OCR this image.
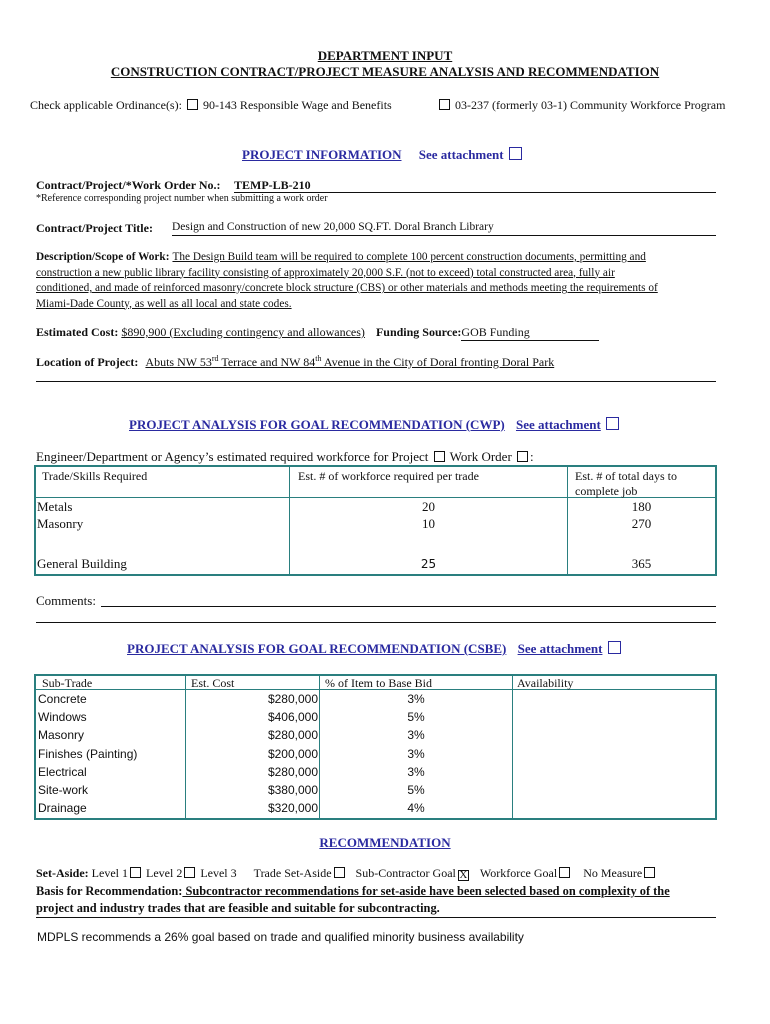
DEPARTMENT INPUT
CONSTRUCTION CONTRACT/PROJECT MEASURE ANALYSIS AND RECOMMENDATION
Check applicable Ordinance(s): 90-143 Responsible Wage and Benefits	03-237 (formerly 03-1) Community Workforce Program
PROJECT INFORMATION See attachment
Contract/Project/*Work Order No.: TEMP-LB-210
*Reference corresponding project number when submitting a work order
Contract/Project Title: Design and Construction of new 20,000 SQ.FT. Doral Branch Library
Description/Scope of Work: The Design Build team will be required to complete 100 percent construction documents, permitting and
construction a new public library facility consisting of approximately 20,000 S.F. (not to exceed) total constructed area, fully air
conditioned, and made of reinforced masonry/concrete block structure (CBS) or other materials and methods meeting the requirements of
Miami-Dade County, as well as all local and state codes.
Estimated Cost: $890,900 (Excluding contingency and allowances) Funding Source:GOB Funding
Location of Project: Abuts NW 53rd Terrace and NW 84th Avenue in the City of Doral fronting Doral Park
PROJECT ANALYSIS FOR GOAL RECOMMENDATION (CWP) See attachment
Engineer/Department or Agency’s estimated required workforce for Project Work Order :
Trade/Skills Required	Est. # of workforce required per trade	Est. # of total days to
complete job
Metals	20	180
Masonry	10	270
General Building	25	365
Comments:
PROJECT ANALYSIS FOR GOAL RECOMMENDATION (CSBE) See attachment
Sub-Trade	Est. Cost	% of Item to Base Bid	Availability
Concrete	$280,000	3%
Windows	$406,000	5%
Masonry	$280,000	3%
Finishes (Painting)	$200,000	3%
Electrical	$280,000	3%
Site-work	$380,000	5%
Drainage	$320,000	4%
RECOMMENDATION
Set-Aside: Level 1 Level 2 Level 3 Trade Set-Aside Sub-Contractor Goal X Workforce Goal No Measure
Basis for Recommendation: Subcontractor recommendations for set-aside have been selected based on complexity of the
project and industry trades that are feasible and suitable for subcontracting.
MDPLS recommends a 26% goal based on trade and qualified minority business availability
